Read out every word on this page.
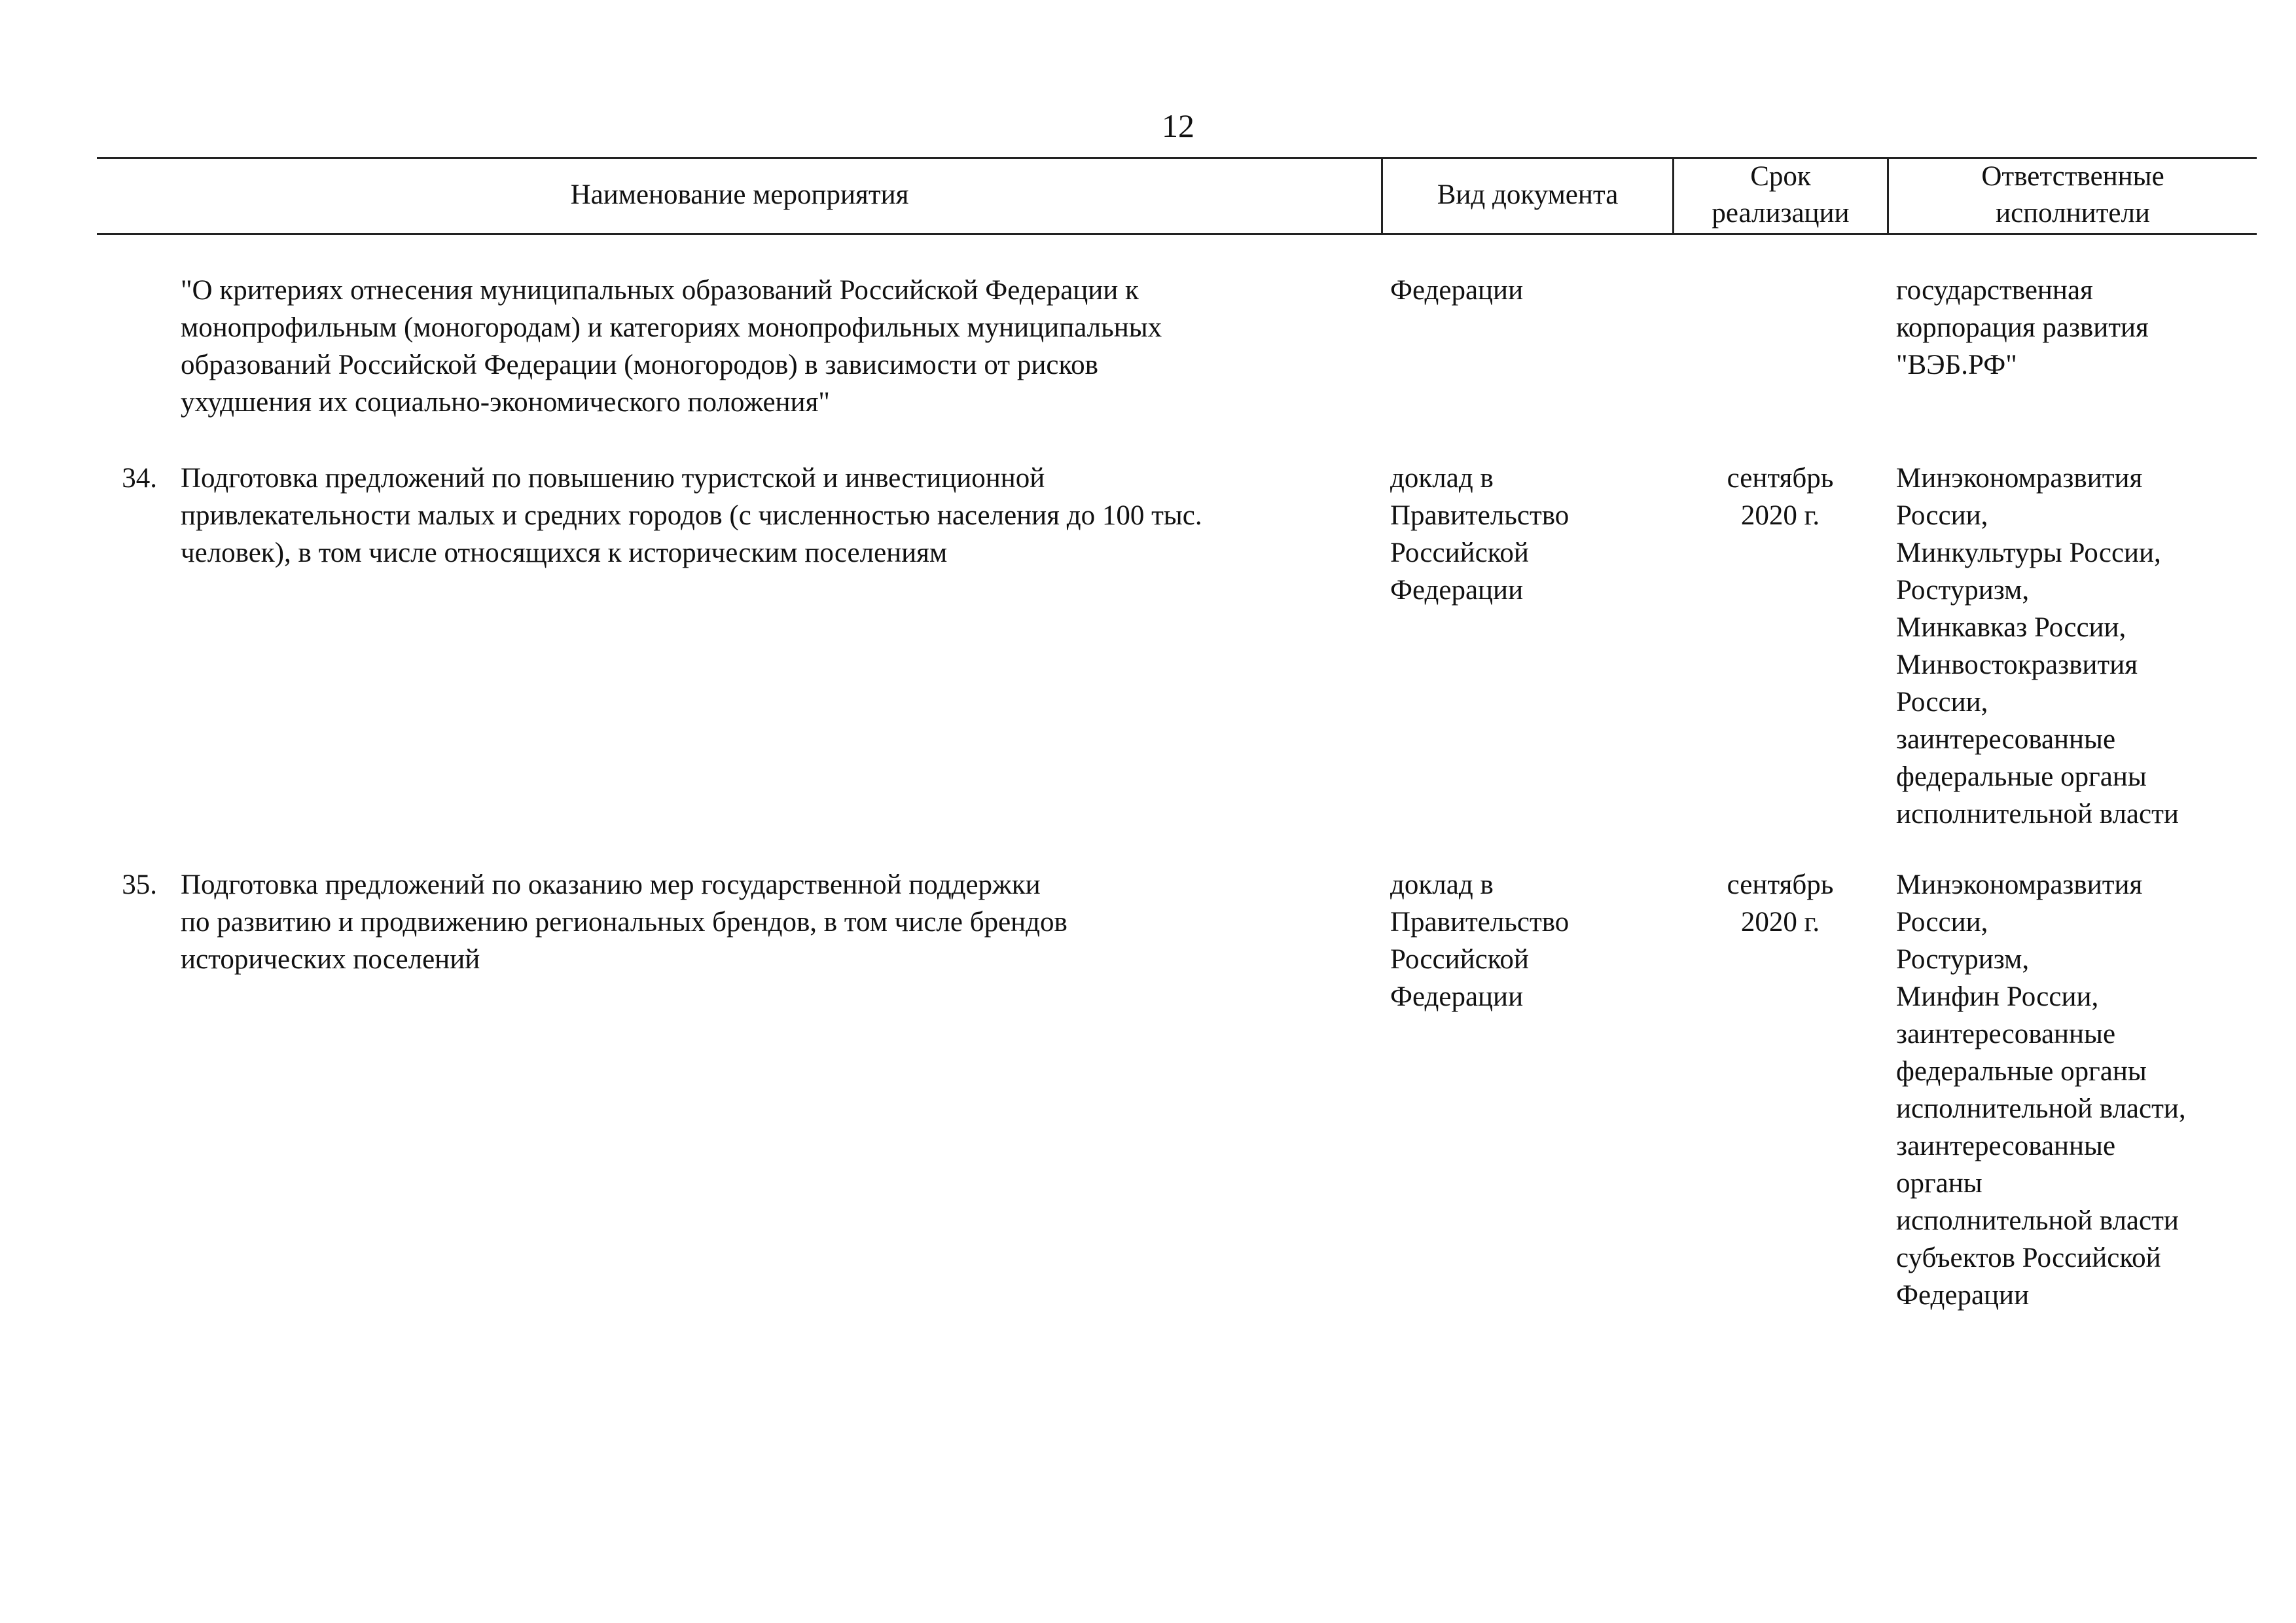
12
Наименование мероприятия	Вид документа
Срок
реализации
Ответственные
исполнители
"О критериях отнесения муниципальных образований Российской Федерации к
монопрофильным (моногородам) и категориях монопрофильных муниципальных
образований Российской Федерации (моногородов) в зависимости от рисков
ухудшения их социально-экономического положения"
Федерации	государственная
корпорация развития
"ВЭБ.РФ"
34. Подготовка предложений по повышению туристской и инвестиционной
привлекательности малых и средних городов (с численностью населения до 100 тыс.
человек), в том числе относящихся к историческим поселениям
доклад в
Правительство
Российской
Федерации
сентябрь
2020 г.
Минэкономразвития
России,
Минкультуры России,
Ростуризм,
Минкавказ России,
Минвостокразвития
России,
заинтересованные
федеральные органы
исполнительной власти
35. Подготовка предложений по оказанию мер государственной поддержки
по развитию и продвижению региональных брендов, в том числе брендов
исторических поселений
доклад в
Правительство
Российской
Федерации
сентябрь
2020 г.
Минэкономразвития
России,
Ростуризм,
Минфин России,
заинтересованные
федеральные органы
исполнительной власти,
заинтересованные
органы
исполнительной власти
субъектов Российской
Федерации
